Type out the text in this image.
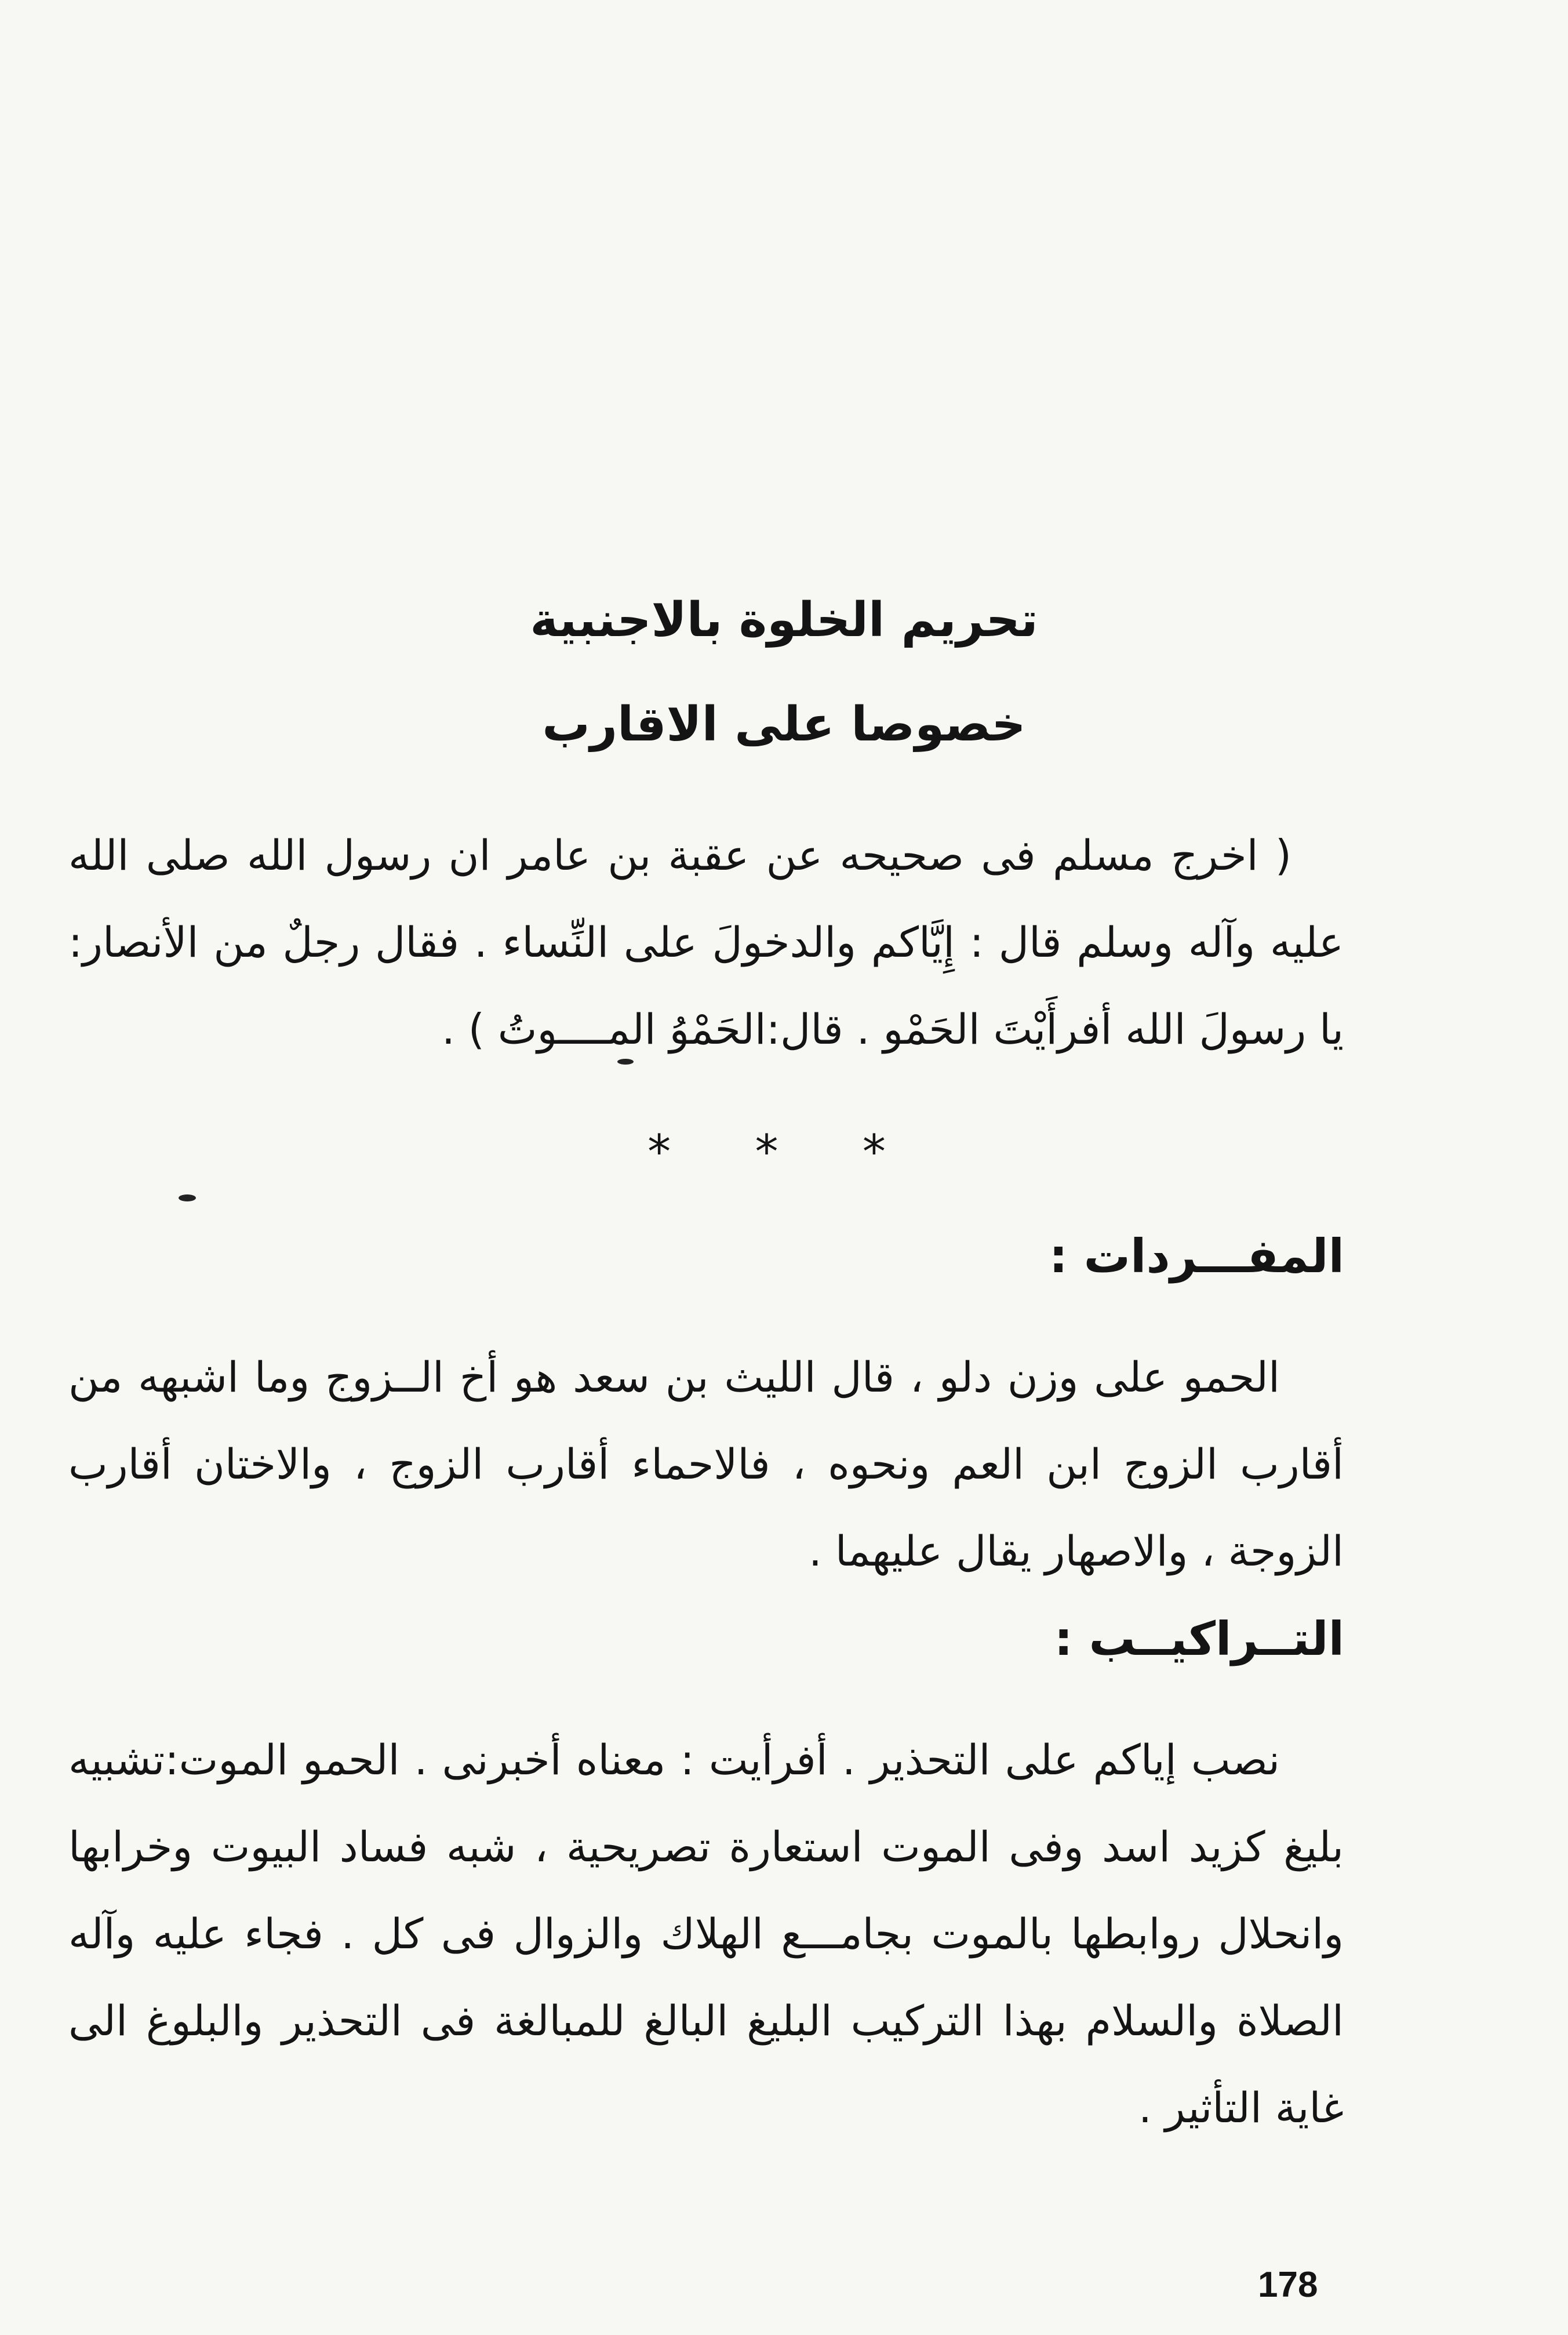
تحريم الخلوة بالاجنبية

خصوصا على الاقارب

( اخرج مسلم فى صحيحه عن عقبة بن عامر ان رسول الله صلى الله عليه وآله وسلم قال : إِيَّاكم والدخولَ على النِّساء . فقال رجلٌ من الأنصار: يا رسولَ الله أفرأَيْتَ الحَمْو . قال:الحَمْوُ المــــوتُ ) .

* * *
المفـــردات :

الحمو على وزن دلو ، قال الليث بن سعد هو أخ الــزوج وما اشبهه من أقارب الزوج ابن العم ونحوه ، فالاحماء أقارب الزوج ، والاختان أقارب الزوجة ، والاصهار يقال عليهما .

التــراكيــب :

نصب إياكم على التحذير . أفرأيت : معناه أخبرنى . الحمو الموت:تشبيه بليغ كزيد اسد وفى الموت استعارة تصريحية ، شبه فساد البيوت وخرابها وانحلال روابطها بالموت بجامـــع الهلاك والزوال فى كل . فجاء عليه وآله الصلاة والسلام بهذا التركيب البليغ البالغ للمبالغة فى التحذير والبلوغ الى غاية التأثير .

178
